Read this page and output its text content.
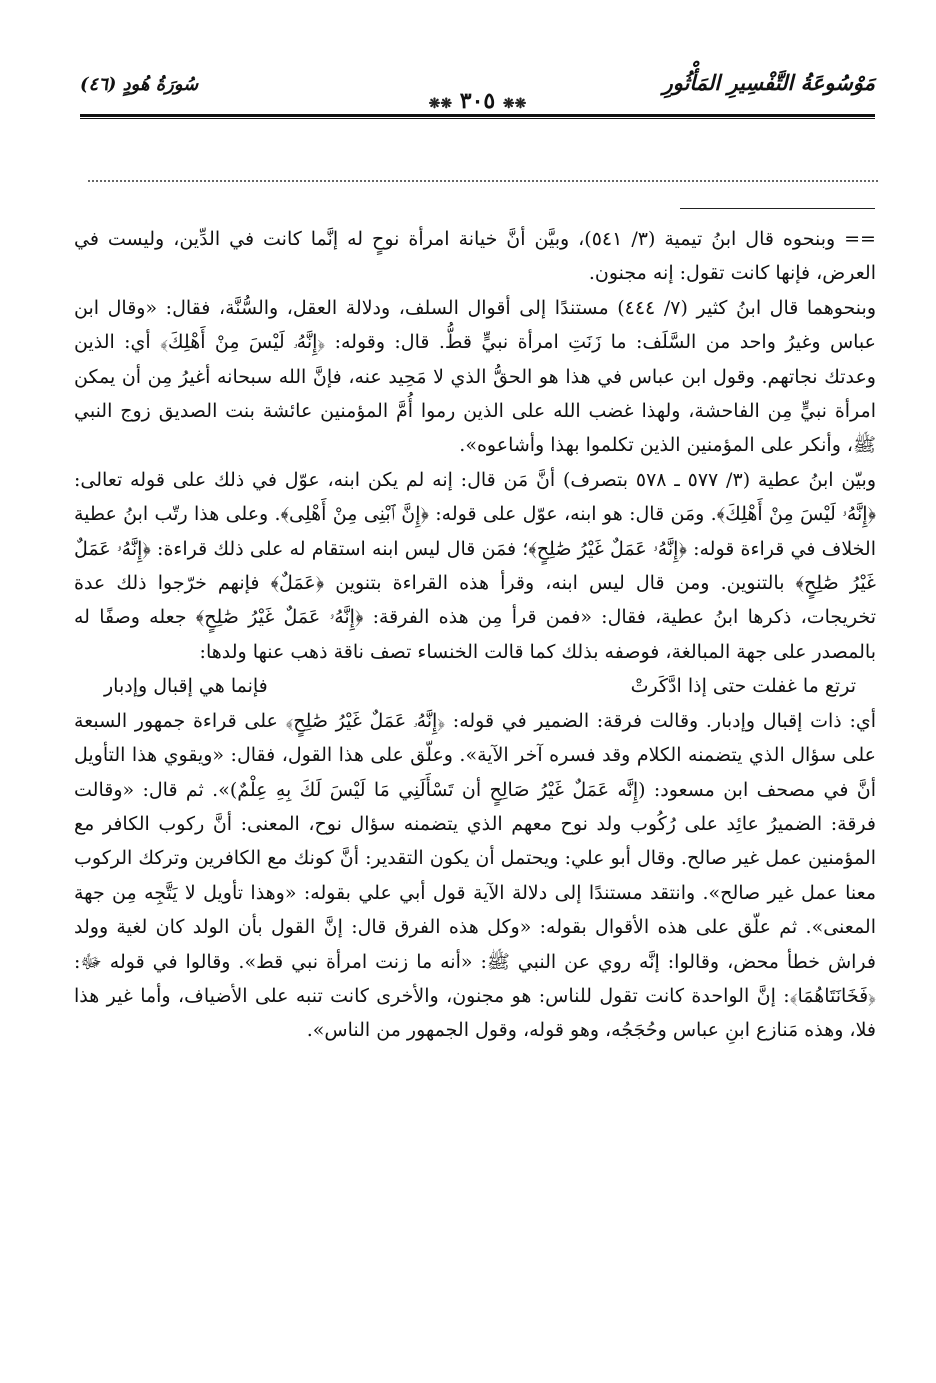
مَوْسُوعَةُ التَّفْسِيرِ المَأْثُورِ
❋❋ ٣٠٥ ❋❋
سُورَةُ هُودٍ (٤٦)

== وبنحوه قال ابنُ تيمية (٣/ ٥٤١)، وبيَّن أنَّ خيانة امرأة نوحٍ له إنَّما كانت في الدِّين، وليست في العرض، فإنها كانت تقول: إنه مجنون.

وبنحوهما قال ابنُ كثير (٧/ ٤٤٤) مستندًا إلى أقوال السلف، ودلالة العقل، والسُّنَّة، فقال: «وقال ابن عباس وغيرُ واحد من السَّلَف: ما زَنَتِ امرأة نبيٍّ قطُّ. قال: وقوله: ﴿إِنَّهُۥ لَيْسَ مِنْ أَهْلِكَ﴾ أي: الذين وعدتك نجاتهم. وقول ابن عباس في هذا هو الحقُّ الذي لا مَحِيد عنه، فإنَّ الله سبحانه أغيرُ مِن أن يمكن امرأة نبيٍّ مِن الفاحشة، ولهذا غضب الله على الذين رموا أُمَّ المؤمنين عائشة بنت الصديق زوج النبي ﷺ، وأنكر على المؤمنين الذين تكلموا بهذا وأشاعوه».

وبيّن ابنُ عطية (٣/ ٥٧٧ ـ ٥٧٨ بتصرف) أنَّ مَن قال: إنه لم يكن ابنه، عوّل في ذلك على قوله تعالى: ﴿إِنَّهُۥ لَيْسَ مِنْ أَهْلِكَ﴾. ومَن قال: هو ابنه، عوّل على قوله: ﴿إِنَّ ٱبْنِى مِنْ أَهْلِى﴾. وعلى هذا رتّب ابنُ عطية الخلاف في قراءة قوله: ﴿إِنَّهُۥ عَمَلٌ غَيْرُ صَٰلِحٍ﴾؛ فمَن قال ليس ابنه استقام له على ذلك قراءة: ﴿إِنَّهُۥ عَمَلٌ غَيْرُ صَٰلِحٍ﴾ بالتنوين. ومن قال ليس ابنه، وقرأ هذه القراءة بتنوين ﴿عَمَلٌ﴾ فإنهم خرّجوا ذلك عدة تخريجات، ذكرها ابنُ عطية، فقال: «فمن قرأ مِن هذه الفرقة: ﴿إِنَّهُۥ عَمَلٌ غَيْرُ صَٰلِحٍ﴾ جعله وصفًا له بالمصدر على جهة المبالغة، فوصفه بذلك كما قالت الخنساء تصف ناقة ذهب عنها ولدها:

ترتع ما غفلت حتى إذا ادَّكَرتْ
فإنما هي إقبال وإدبار

أي: ذات إقبال وإدبار. وقالت فرقة: الضمير في قوله: ﴿إِنَّهُۥ عَمَلٌ غَيْرُ صَٰلِحٍ﴾ على قراءة جمهور السبعة على سؤال الذي يتضمنه الكلام وقد فسره آخر الآية». وعلّق على هذا القول، فقال: «ويقوي هذا التأويل أنَّ في مصحف ابن مسعود: (إِنَّه عَمَلٌ غَيْرُ صَالِحٍ أن تَسْأَلَنِي مَا لَيْسَ لَكَ بِهِ عِلْمٌ)». ثم قال: «وقالت فرقة: الضميرُ عائِد على رُكُوب ولد نوح معهم الذي يتضمنه سؤال نوح، المعنى: أنَّ ركوب الكافر مع المؤمنين عمل غير صالح. وقال أبو علي: ويحتمل أن يكون التقدير: أنَّ كونك مع الكافرين وتركك الركوب معنا عمل غير صالح». وانتقد مستندًا إلى دلالة الآية قول أبي علي بقوله: «وهذا تأويل لا يَتَّجِه مِن جهة المعنى». ثم علّق على هذه الأقوال بقوله: «وكل هذه الفرق قال: إنَّ القول بأن الولد كان لغية وولد فراش خطأ محض، وقالوا: إنَّه روي عن النبي ﷺ: «أنه ما زنت امرأة نبي قط». وقالوا في قوله ﷻ: ﴿فَخَانَتَاهُمَا﴾: إنَّ الواحدة كانت تقول للناس: هو مجنون، والأخرى كانت تنبه على الأضياف، وأما غير هذا فلا، وهذه مَنازع ابنِ عباس وحُجَجُه، وهو قوله، وقول الجمهور من الناس».
